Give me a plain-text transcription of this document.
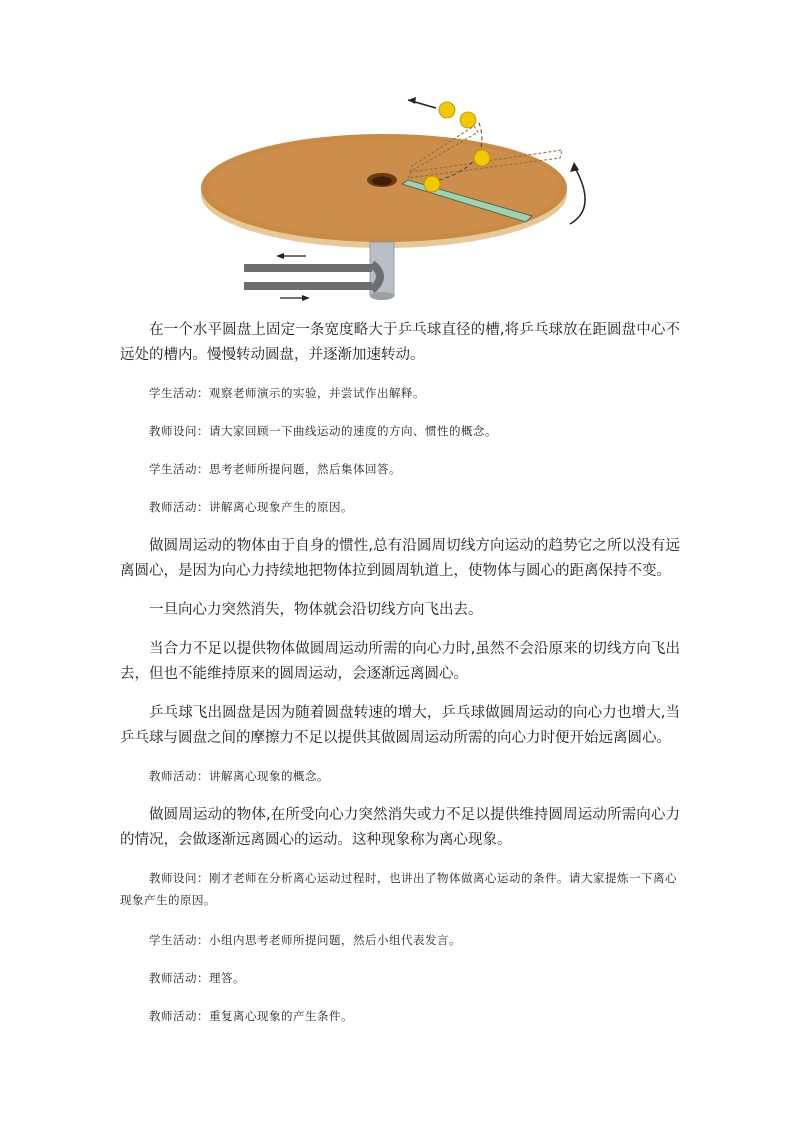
在一个水平圆盘上固定一条宽度略大于乒乓球直径的槽,将乒乓球放在距圆盘中心不远处的槽内。慢慢转动圆盘，并逐渐加速转动。

学生活动：观察老师演示的实验，并尝试作出解释。

教师设问：请大家回顾一下曲线运动的速度的方向、惯性的概念。

学生活动：思考老师所提问题，然后集体回答。

教师活动：讲解离心现象产生的原因。

做圆周运动的物体由于自身的惯性,总有沿圆周切线方向运动的趋势它之所以没有远离圆心，是因为向心力持续地把物体拉到圆周轨道上，使物体与圆心的距离保持不变。

一旦向心力突然消失，物体就会沿切线方向飞出去。

当合力不足以提供物体做圆周运动所需的向心力时,虽然不会沿原来的切线方向飞出去，但也不能维持原来的圆周运动，会逐渐远离圆心。

乒乓球飞出圆盘是因为随着圆盘转速的增大，乒乓球做圆周运动的向心力也增大,当乒乓球与圆盘之间的摩擦力不足以提供其做圆周运动所需的向心力时便开始远离圆心。

教师活动：讲解离心现象的概念。

做圆周运动的物体,在所受向心力突然消失或力不足以提供维持圆周运动所需向心力的情况，会做逐渐远离圆心的运动。这种现象称为离心现象。

教师设问：刚才老师在分析离心运动过程时，也讲出了物体做离心运动的条件。请大家提炼一下离心现象产生的原因。

学生活动：小组内思考老师所提问题，然后小组代表发言。

教师活动：理答。

教师活动：重复离心现象的产生条件。
